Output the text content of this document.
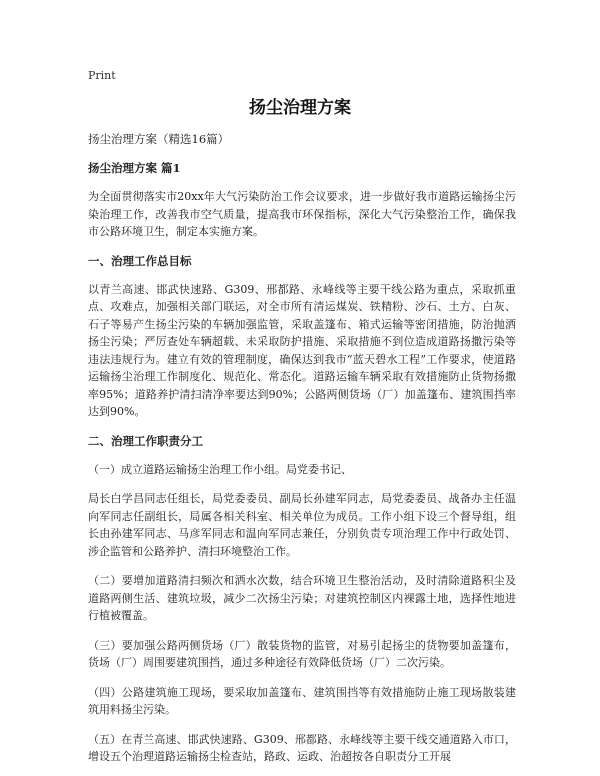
Print
扬尘治理方案

扬尘治理方案（精选16篇）

扬尘治理方案 篇1

为全面贯彻落实市20xx年大气污染防治工作会议要求，进一步做好我市道路运输扬尘污染治理工作，改善我市空气质量，提高我市环保指标，深化大气污染整治工作，确保我市公路环境卫生，制定本实施方案。

一、治理工作总目标

以青兰高速、邯武快速路、G309、邢都路、永峰线等主要干线公路为重点，采取抓重点、攻难点，加强相关部门联运，对全市所有清运煤炭、铁精粉、沙石、土方、白灰、石子等易产生扬尘污染的车辆加强监管，采取盖篷布、箱式运输等密闭措施，防治抛洒扬尘污染；严厉查处车辆超载、未采取防护措施、采取措施不到位造成道路扬撒污染等违法违规行为。建立有效的管理制度，确保达到我市“蓝天碧水工程”工作要求，使道路运输扬尘治理工作制度化、规范化、常态化。道路运输车辆采取有效措施防止货物扬撒率95%；道路养护清扫清净率要达到90%；公路两侧货场（厂）加盖篷布、建筑围挡率达到90%。

二、治理工作职责分工

（一）成立道路运输扬尘治理工作小组。局党委书记、

局长白学昌同志任组长，局党委委员、副局长孙建军同志，局党委委员、战备办主任温向军同志任副组长，局属各相关科室、相关单位为成员。工作小组下设三个督导组，组长由孙建军同志、马彦军同志和温向军同志兼任，分别负责专项治理工作中行政处罚、涉企监管和公路养护、清扫环境整治工作。

（二）要增加道路清扫频次和洒水次数，结合环境卫生整治活动，及时清除道路积尘及道路两侧生活、建筑垃圾，减少二次扬尘污染；对建筑控制区内裸露土地，选择性地进行植被覆盖。

（三）要加强公路两侧货场（厂）散装货物的监管，对易引起扬尘的货物要加盖篷布，货场（厂）周围要建筑围挡，通过多种途径有效降低货场（厂）二次污染。

（四）公路建筑施工现场，要采取加盖篷布、建筑围挡等有效措施防止施工现场散装建筑用料扬尘污染。

（五）在青兰高速、邯武快速路、G309、邢都路、永峰线等主要干线交通道路入市口，增设五个治理道路运输扬尘检查站，路政、运政、治超按各自职责分工开展
